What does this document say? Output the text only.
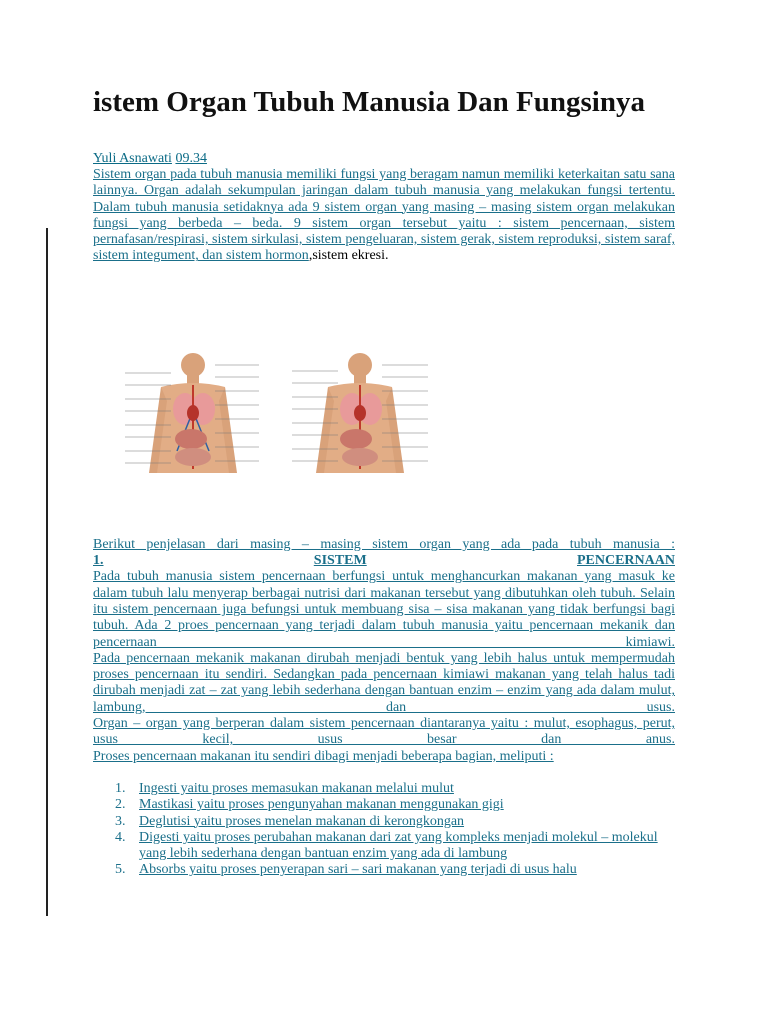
istem Organ Tubuh Manusia Dan Fungsinya
Yuli Asnawati 09.34
Sistem organ pada tubuh manusia memiliki fungsi yang beragam namun memiliki keterkaitan satu sana lainnya. Organ adalah sekumpulan jaringan dalam tubuh manusia yang melakukan fungsi tertentu. Dalam tubuh manusia setidaknya ada 9 sistem organ yang masing – masing sistem organ melakukan fungsi yang berbeda – beda. 9 sistem organ tersebut yaitu : sistem pencernaan, sistem pernafasan/respirasi, sistem sirkulasi, sistem pengeluaran, sistem gerak, sistem reproduksi, sistem saraf, sistem integument, dan sistem hormon,sistem ekresi.
Berikut penjelasan dari masing – masing sistem organ yang ada pada tubuh manusia :
1.	SISTEM	PENCERNAAN
Pada tubuh manusia sistem pencernaan berfungsi untuk menghancurkan makanan yang masuk ke dalam tubuh lalu menyerap berbagai nutrisi dari makanan tersebut yang dibutuhkan oleh tubuh. Selain itu sistem pencernaan juga befungsi untuk membuang sisa – sisa makanan yang tidak berfungsi bagi tubuh. Ada 2 proes pencernaan yang terjadi dalam tubuh manusia yaitu pencernaan mekanik dan pencernaan kimiawi.
Pada pencernaan mekanik makanan dirubah menjadi bentuk yang lebih halus untuk mempermudah proses pencernaan itu sendiri. Sedangkan pada pencernaan kimiawi makanan yang telah halus tadi dirubah menjadi zat – zat yang lebih sederhana dengan bantuan enzim – enzim yang ada dalam mulut, lambung, dan usus.
Organ – organ yang berperan dalam sistem pencernaan diantaranya yaitu : mulut, esophagus, perut, usus kecil, usus besar dan anus.
Proses pencernaan makanan itu sendiri dibagi menjadi beberapa bagian, meliputi :
1. Ingesti yaitu proses memasukan makanan melalui mulut
2. Mastikasi yaitu proses pengunyahan makanan menggunakan gigi
3. Deglutisi yaitu proses menelan makanan di kerongkongan
4. Digesti yaitu proses perubahan makanan dari zat yang kompleks menjadi molekul – molekul yang lebih sederhana dengan bantuan enzim yang ada di lambung
5. Absorbs yaitu proses penyerapan sari – sari makanan yang terjadi di usus halu
